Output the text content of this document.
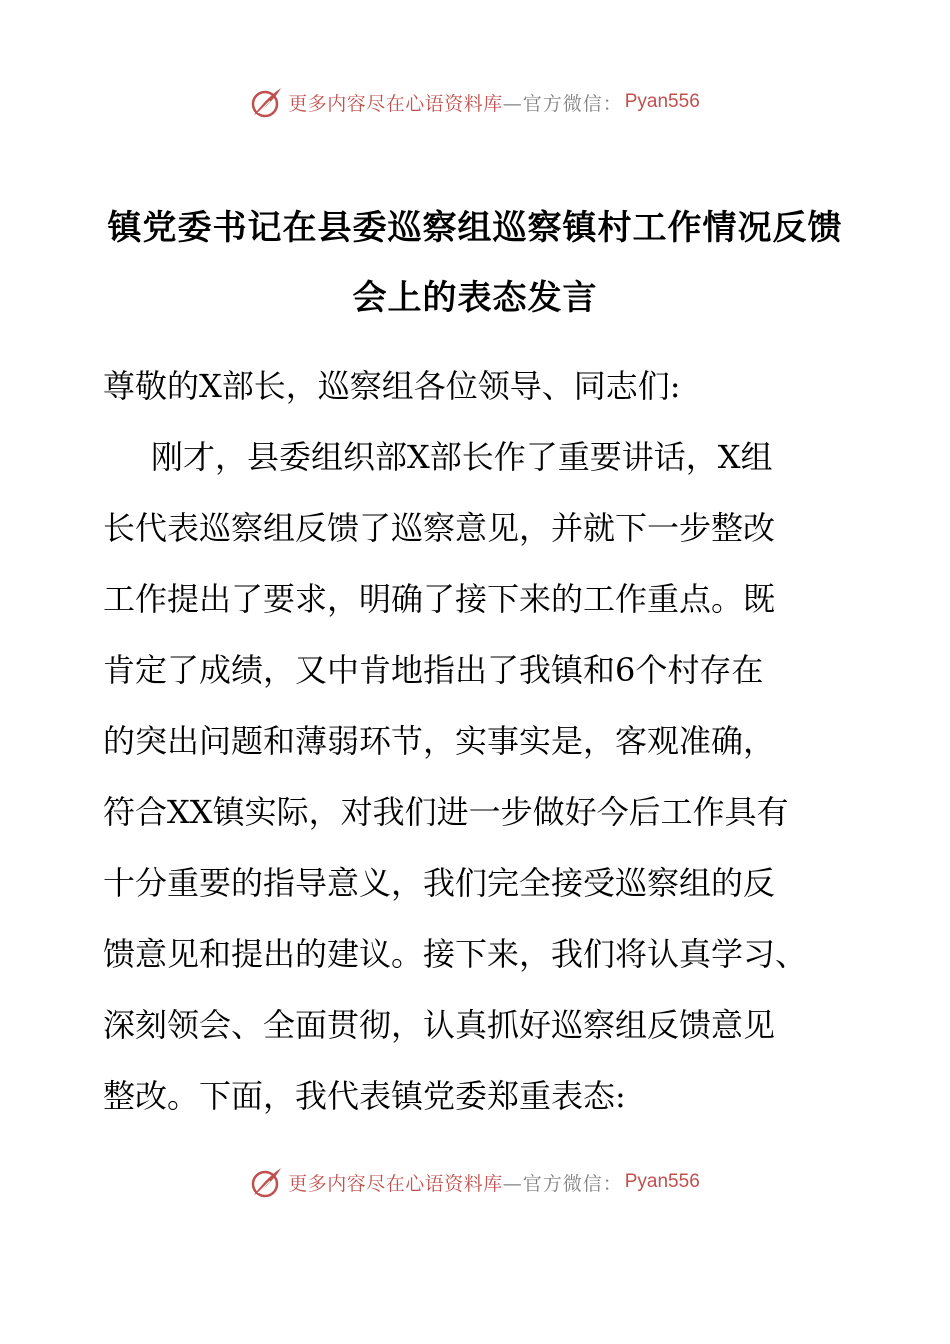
更多内容尽在心语资料库 —官方微信： Pyan556
镇党委书记在县委巡察组巡察镇村工作情况反馈
会上的表态发言
尊敬的X部长，巡察组各位领导、同志们:
刚才，县委组织部X部长作了重要讲话，X组
长代表巡察组反馈了巡察意见，并就下一步整改
工作提出了要求，明确了接下来的工作重点。既
肯定了成绩，又中肯地指出了我镇和6个村存在
的突出问题和薄弱环节，实事实是，客观准确，
符合XX镇实际，对我们进一步做好今后工作具有
十分重要的指导意义，我们完全接受巡察组的反
馈意见和提出的建议。接下来，我们将认真学习、
深刻领会、全面贯彻，认真抓好巡察组反馈意见
整改。下面，我代表镇党委郑重表态:
更多内容尽在心语资料库 —官方微信： Pyan556
